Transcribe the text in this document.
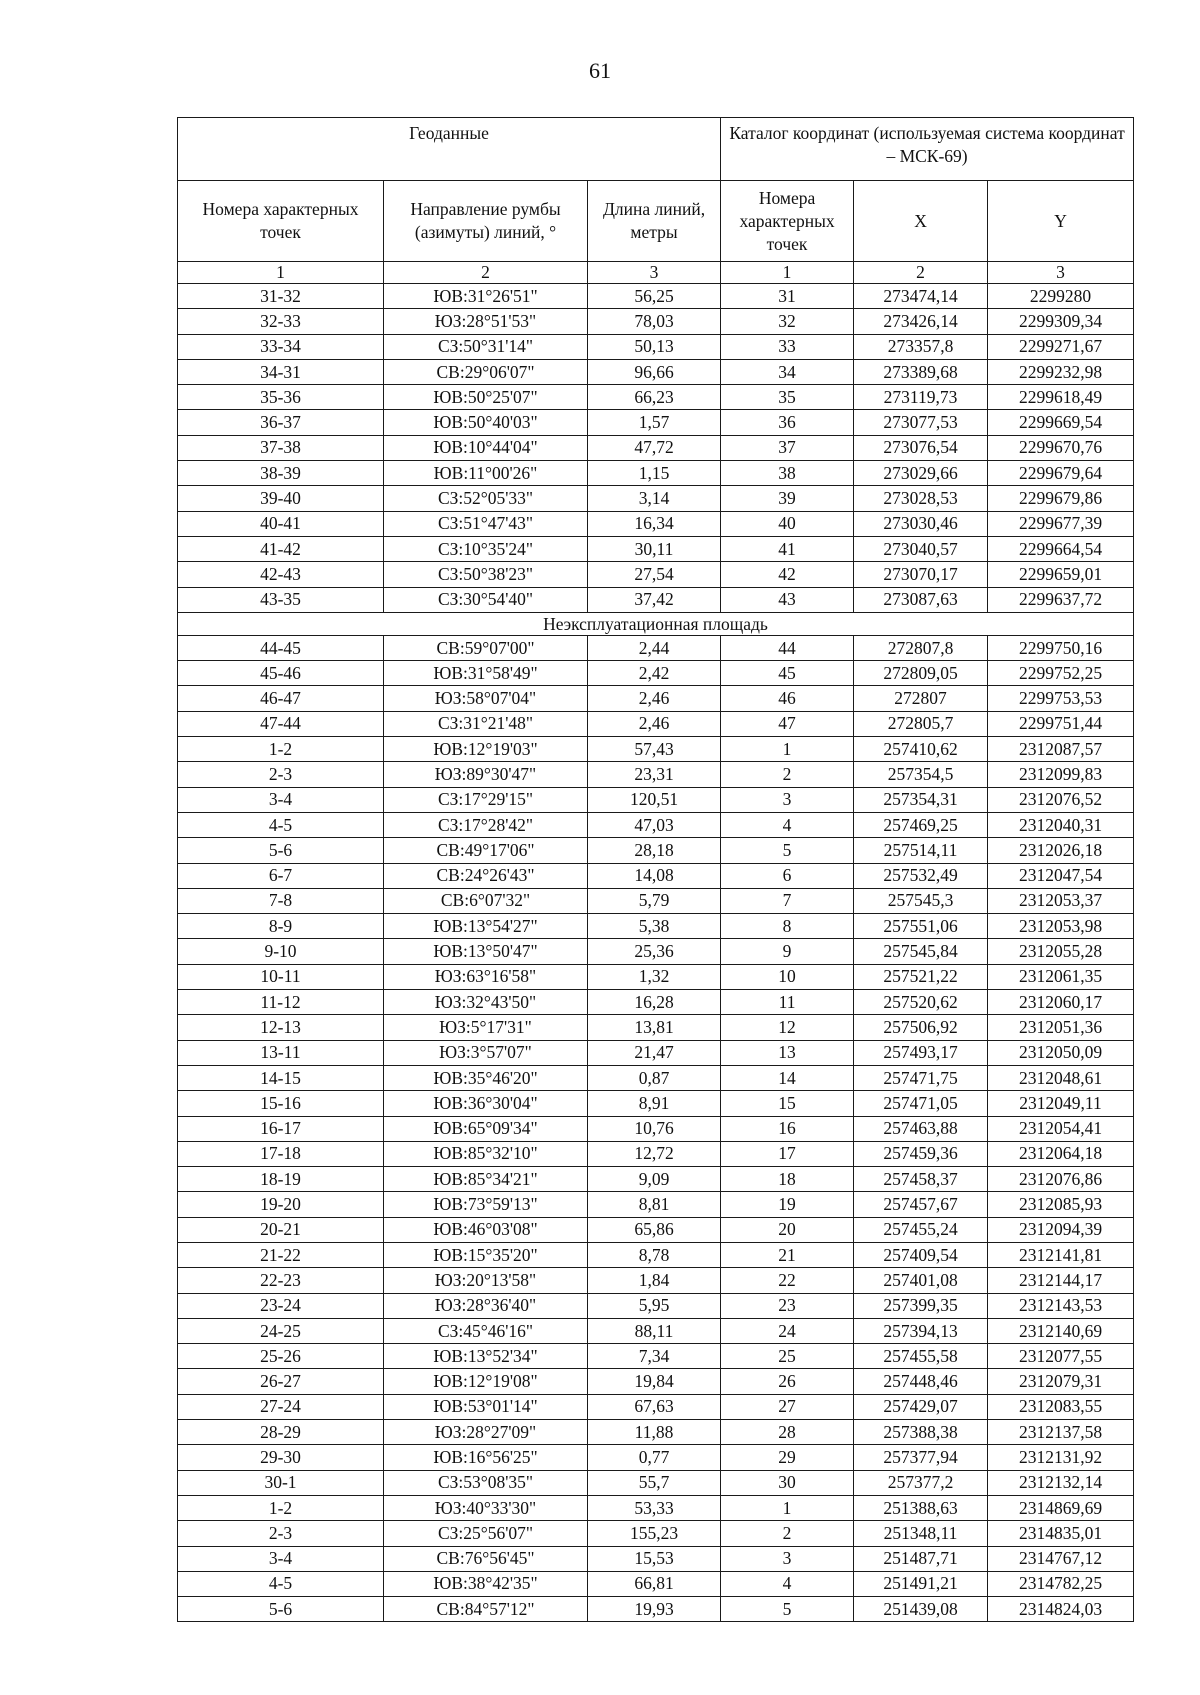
61
Геоданные			Каталог координат (используемая система координат – МСК-69)		
Номера характерных точек	Направление румбы (азимуты) линий, °	Длина линий, метры	Номера характерных точек	X	Y
1	2	3	1	2	3
31-32	ЮВ:31°26'51"	56,25	31	273474,14	2299280
32-33	ЮЗ:28°51'53"	78,03	32	273426,14	2299309,34
33-34	СЗ:50°31'14"	50,13	33	273357,8	2299271,67
34-31	СВ:29°06'07"	96,66	34	273389,68	2299232,98
35-36	ЮВ:50°25'07"	66,23	35	273119,73	2299618,49
36-37	ЮВ:50°40'03"	1,57	36	273077,53	2299669,54
37-38	ЮВ:10°44'04"	47,72	37	273076,54	2299670,76
38-39	ЮВ:11°00'26"	1,15	38	273029,66	2299679,64
39-40	СЗ:52°05'33"	3,14	39	273028,53	2299679,86
40-41	СЗ:51°47'43"	16,34	40	273030,46	2299677,39
41-42	СЗ:10°35'24"	30,11	41	273040,57	2299664,54
42-43	СЗ:50°38'23"	27,54	42	273070,17	2299659,01
43-35	СЗ:30°54'40"	37,42	43	273087,63	2299637,72
Неэксплуатационная площадь					
44-45	СВ:59°07'00"	2,44	44	272807,8	2299750,16
45-46	ЮВ:31°58'49"	2,42	45	272809,05	2299752,25
46-47	ЮЗ:58°07'04"	2,46	46	272807	2299753,53
47-44	СЗ:31°21'48"	2,46	47	272805,7	2299751,44
1-2	ЮВ:12°19'03"	57,43	1	257410,62	2312087,57
2-3	ЮЗ:89°30'47"	23,31	2	257354,5	2312099,83
3-4	СЗ:17°29'15"	120,51	3	257354,31	2312076,52
4-5	СЗ:17°28'42"	47,03	4	257469,25	2312040,31
5-6	СВ:49°17'06"	28,18	5	257514,11	2312026,18
6-7	СВ:24°26'43"	14,08	6	257532,49	2312047,54
7-8	СВ:6°07'32"	5,79	7	257545,3	2312053,37
8-9	ЮВ:13°54'27"	5,38	8	257551,06	2312053,98
9-10	ЮВ:13°50'47"	25,36	9	257545,84	2312055,28
10-11	ЮЗ:63°16'58"	1,32	10	257521,22	2312061,35
11-12	ЮЗ:32°43'50"	16,28	11	257520,62	2312060,17
12-13	ЮЗ:5°17'31"	13,81	12	257506,92	2312051,36
13-11	ЮЗ:3°57'07"	21,47	13	257493,17	2312050,09
14-15	ЮВ:35°46'20"	0,87	14	257471,75	2312048,61
15-16	ЮВ:36°30'04"	8,91	15	257471,05	2312049,11
16-17	ЮВ:65°09'34"	10,76	16	257463,88	2312054,41
17-18	ЮВ:85°32'10"	12,72	17	257459,36	2312064,18
18-19	ЮВ:85°34'21"	9,09	18	257458,37	2312076,86
19-20	ЮВ:73°59'13"	8,81	19	257457,67	2312085,93
20-21	ЮВ:46°03'08"	65,86	20	257455,24	2312094,39
21-22	ЮВ:15°35'20"	8,78	21	257409,54	2312141,81
22-23	ЮЗ:20°13'58"	1,84	22	257401,08	2312144,17
23-24	ЮЗ:28°36'40"	5,95	23	257399,35	2312143,53
24-25	СЗ:45°46'16"	88,11	24	257394,13	2312140,69
25-26	ЮВ:13°52'34"	7,34	25	257455,58	2312077,55
26-27	ЮВ:12°19'08"	19,84	26	257448,46	2312079,31
27-24	ЮВ:53°01'14"	67,63	27	257429,07	2312083,55
28-29	ЮЗ:28°27'09"	11,88	28	257388,38	2312137,58
29-30	ЮВ:16°56'25"	0,77	29	257377,94	2312131,92
30-1	СЗ:53°08'35"	55,7	30	257377,2	2312132,14
1-2	ЮЗ:40°33'30"	53,33	1	251388,63	2314869,69
2-3	СЗ:25°56'07"	155,23	2	251348,11	2314835,01
3-4	СВ:76°56'45"	15,53	3	251487,71	2314767,12
4-5	ЮВ:38°42'35"	66,81	4	251491,21	2314782,25
5-6	СВ:84°57'12"	19,93	5	251439,08	2314824,03
